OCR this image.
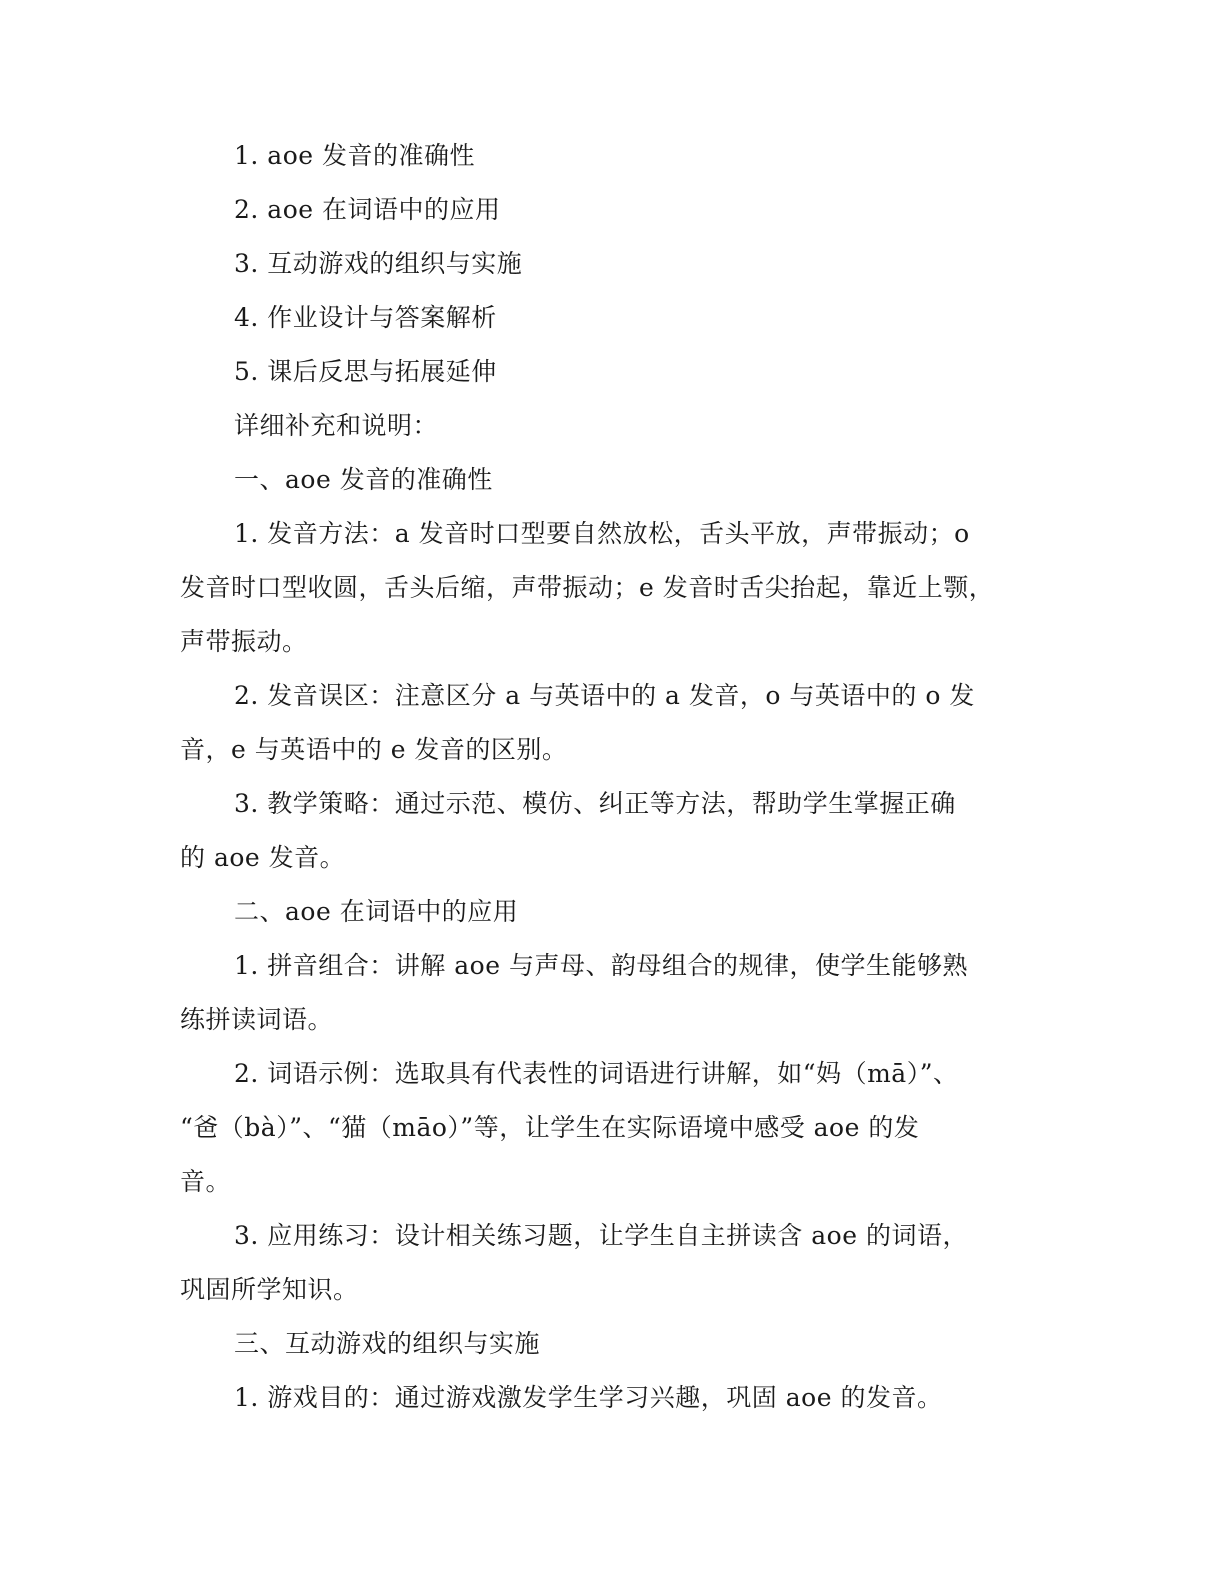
1. aoe 发音的准确性
2. aoe 在词语中的应用
3. 互动游戏的组织与实施
4. 作业设计与答案解析
5. 课后反思与拓展延伸
详细补充和说明：
一、aoe 发音的准确性
1. 发音方法：a 发音时口型要自然放松，舌头平放，声带振动；o
发音时口型收圆，舌头后缩，声带振动；e 发音时舌尖抬起，靠近上颚，
声带振动。
2. 发音误区：注意区分 a 与英语中的 a 发音，o 与英语中的 o 发
音，e 与英语中的 e 发音的区别。
3. 教学策略：通过示范、模仿、纠正等方法，帮助学生掌握正确
的 aoe 发音。
二、aoe 在词语中的应用
1. 拼音组合：讲解 aoe 与声母、韵母组合的规律，使学生能够熟
练拼读词语。
2. 词语示例：选取具有代表性的词语进行讲解，如“妈（mā）”、
“爸（bà）”、“猫（māo）”等，让学生在实际语境中感受 aoe 的发
音。
3. 应用练习：设计相关练习题，让学生自主拼读含 aoe 的词语，
巩固所学知识。
三、互动游戏的组织与实施
1. 游戏目的：通过游戏激发学生学习兴趣，巩固 aoe 的发音。
